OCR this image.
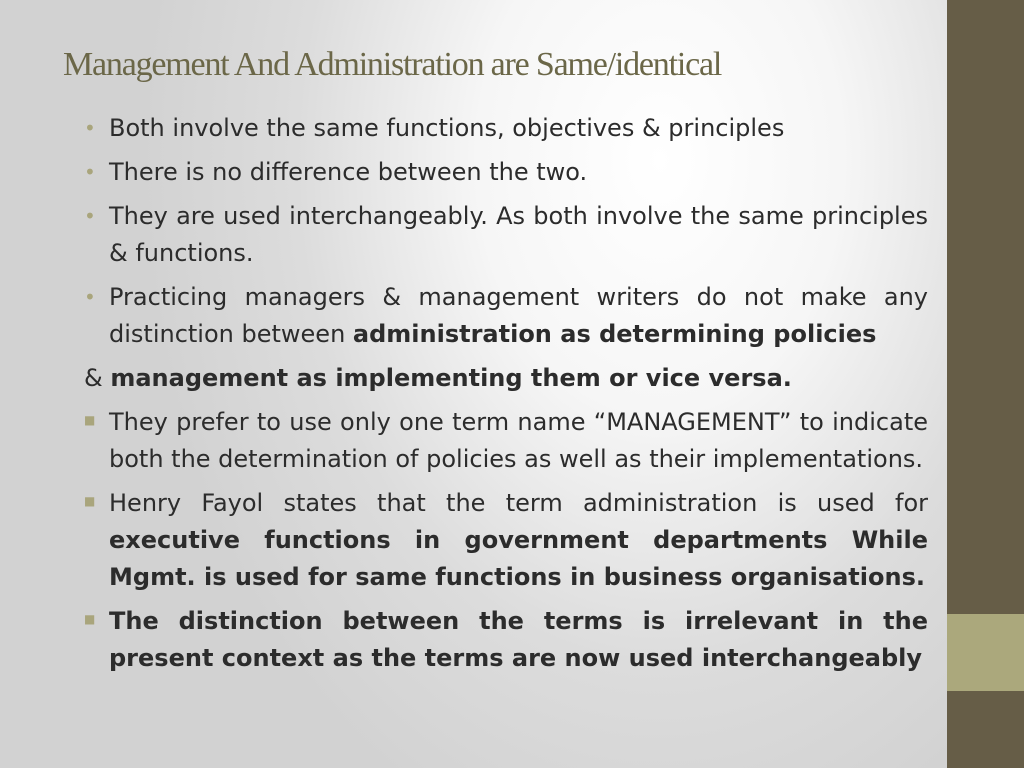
Management And Administration are Same/identical
• Both involve the same functions, objectives & principles
• There is no difference between the two.
• They are used interchangeably. As both involve the same principles & functions.
• Practicing managers & management writers do not make any distinction between administration as determining policies
& management as implementing them or vice versa.
■ They prefer to use only one term name “MANAGEMENT” to indicate both the determination of policies as well as their implementations.
■ Henry Fayol states that the term administration is used for executive functions in government departments While Mgmt. is used for same functions in business organisations.
■ The distinction between the terms is irrelevant in the present context as the terms are now used interchangeably
